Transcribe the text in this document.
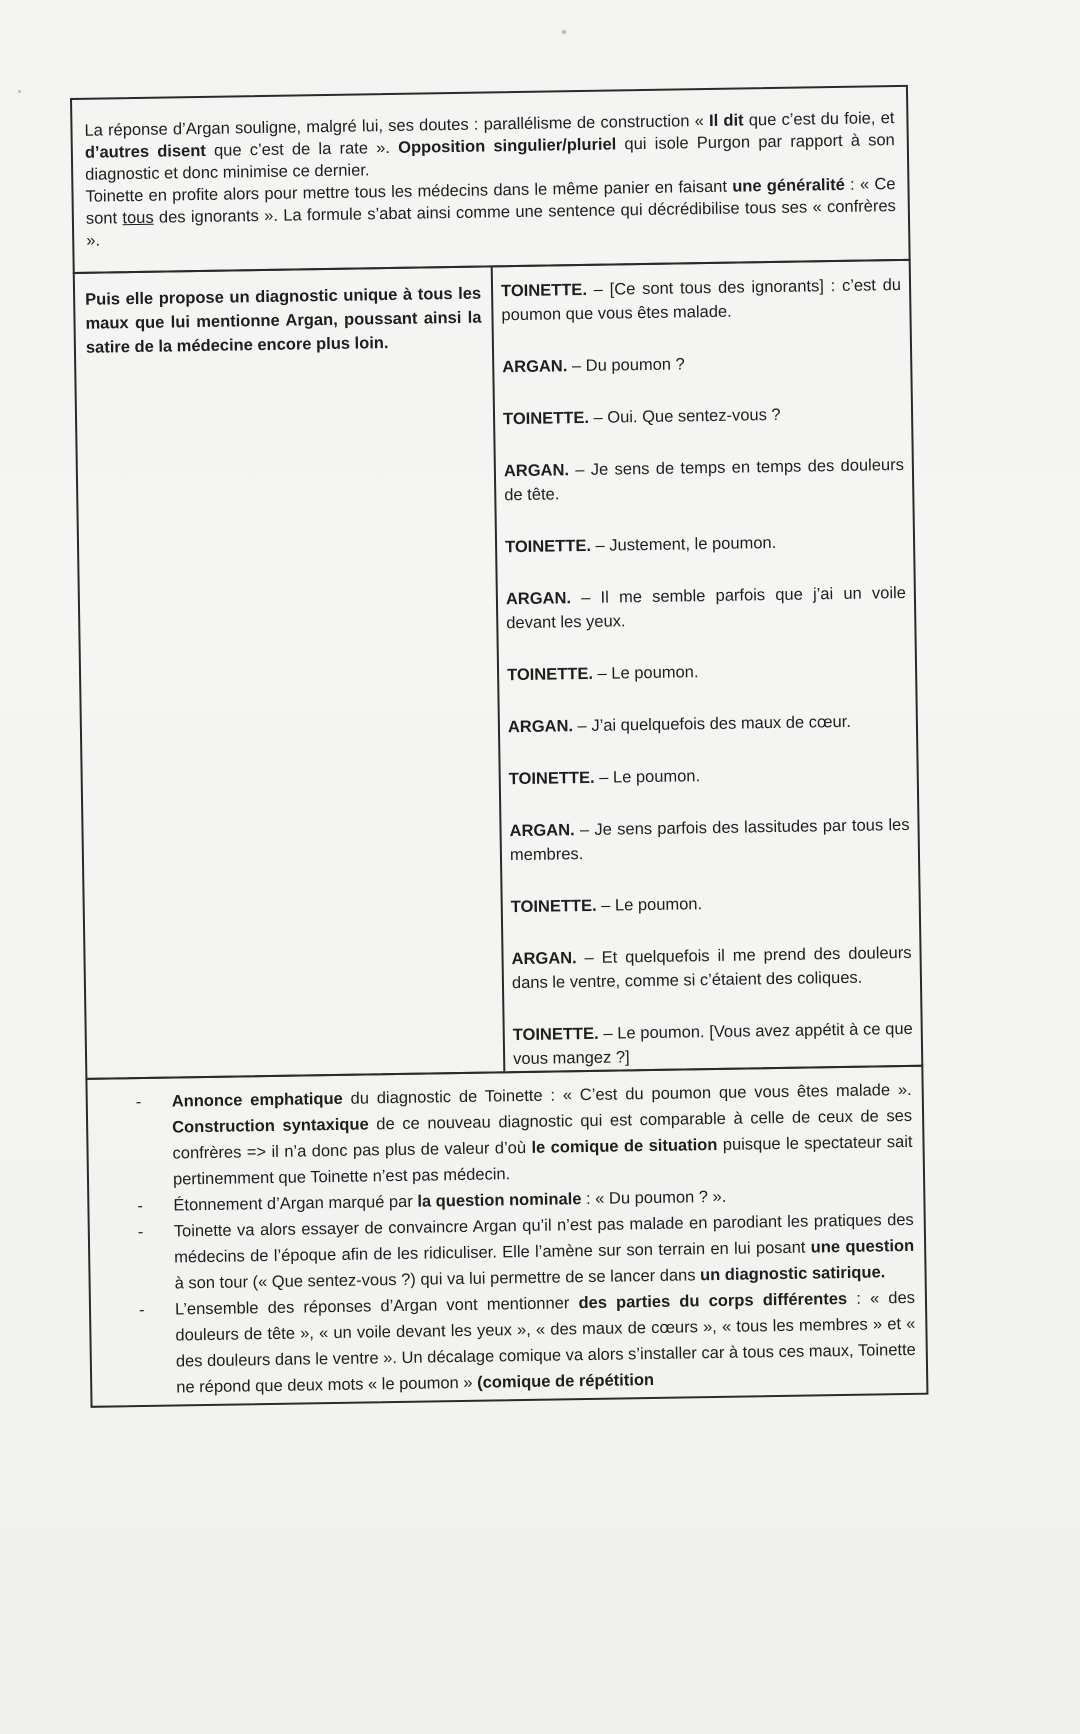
La réponse d’Argan souligne, malgré lui, ses doutes : parallélisme de construction « Il dit que c’est du foie, et d’autres disent que c’est de la rate ». Opposition singulier/pluriel qui isole Purgon par rapport à son diagnostic et donc minimise ce dernier.
Toinette en profite alors pour mettre tous les médecins dans le même panier en faisant une généralité : « Ce sont tous des ignorants ». La formule s’abat ainsi comme une sentence qui décrédibilise tous ses « confrères ».
Puis elle propose un diagnostic unique à tous les maux que lui mentionne Argan, poussant ainsi la satire de la médecine encore plus loin.
TOINETTE. – [Ce sont tous des ignorants] : c’est du poumon que vous êtes malade.
ARGAN. – Du poumon ?
TOINETTE. – Oui. Que sentez-vous ?
ARGAN. – Je sens de temps en temps des douleurs de tête.
TOINETTE. – Justement, le poumon.
ARGAN. – Il me semble parfois que j’ai un voile devant les yeux.
TOINETTE. – Le poumon.
ARGAN. – J’ai quelquefois des maux de cœur.
TOINETTE. – Le poumon.
ARGAN. – Je sens parfois des lassitudes par tous les membres.
TOINETTE. – Le poumon.
ARGAN. – Et quelquefois il me prend des douleurs dans le ventre, comme si c’étaient des coliques.
TOINETTE. – Le poumon. [Vous avez appétit à ce que vous mangez ?]
- Annonce emphatique du diagnostic de Toinette : « C’est du poumon que vous êtes malade ». Construction syntaxique de ce nouveau diagnostic qui est comparable à celle de ceux de ses confrères => il n’a donc pas plus de valeur d’où le comique de situation puisque le spectateur sait pertinemment que Toinette n’est pas médecin.
- Étonnement d’Argan marqué par la question nominale : « Du poumon ? ».
- Toinette va alors essayer de convaincre Argan qu’il n’est pas malade en parodiant les pratiques des médecins de l’époque afin de les ridiculiser. Elle l’amène sur son terrain en lui posant une question à son tour (« Que sentez-vous ?) qui va lui permettre de se lancer dans un diagnostic satirique.
- L’ensemble des réponses d’Argan vont mentionner des parties du corps différentes : « des douleurs de tête », « un voile devant les yeux », « des maux de cœurs », « tous les membres » et « des douleurs dans le ventre ». Un décalage comique va alors s’installer car à tous ces maux, Toinette ne répond que deux mots « le poumon » (comique de répétition
